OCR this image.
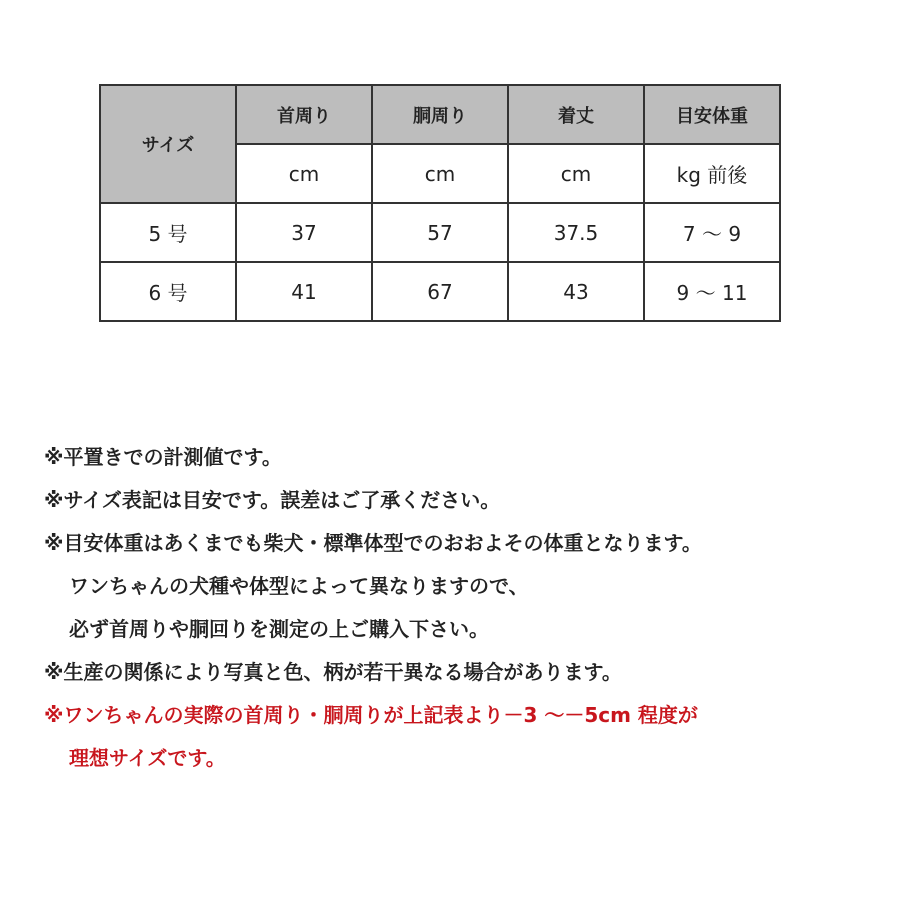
サイズ	首周り	胴周り	着丈	目安体重
	cm	cm	cm	kg 前後
5 号	37	57	37.5	7 〜 9
6 号	41	67	43	9 〜 11
※平置きでの計測値です。
※サイズ表記は目安です。誤差はご了承ください。
※目安体重はあくまでも柴犬・標準体型でのおおよその体重となります。
ワンちゃんの犬種や体型によって異なりますので、
必ず首周りや胴回りを測定の上ご購入下さい。
※生産の関係により写真と色、柄が若干異なる場合があります。
※ワンちゃんの実際の首周り・胴周りが上記表より－3 〜－5cm 程度が
理想サイズです。
